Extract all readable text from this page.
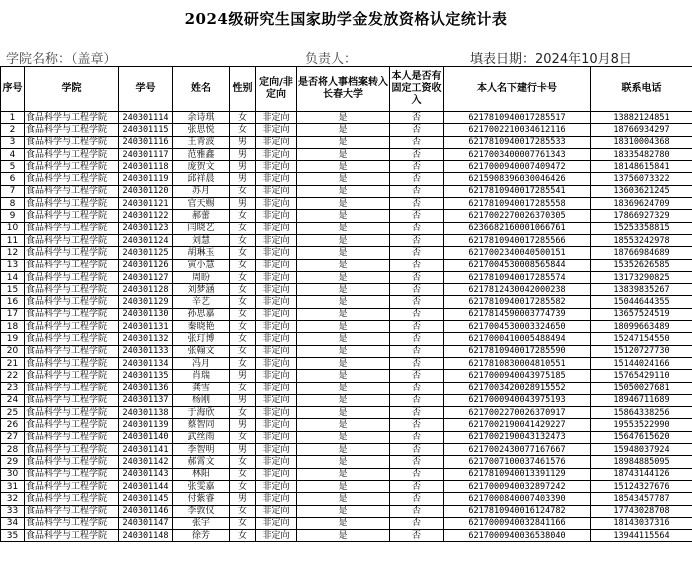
2024级研究生国家助学金发放资格认定统计表
学院名称：（盖章）	负责人：	填表日期：2024年10月8日
序号	学院	学号	姓名	性别	定向/非定向	是否将人事档案转入长春大学	本人是否有固定工资收入	本人名下建行卡号	联系电话
1	食品科学与工程学院	240301114	余诗琪	女	非定向	是	否	6217810940017285517	13882124851
2	食品科学与工程学院	240301115	张思悦	女	非定向	是	否	6217002210034612116	18766934297
3	食品科学与工程学院	240301116	王青波	男	非定向	是	否	6217810940017285533	18310004368
4	食品科学与工程学院	240301117	范雅鑫	男	非定向	是	否	6217003400007761343	18335482780
5	食品科学与工程学院	240301118	庞贺文	男	非定向	是	否	6217000940007409472	18148615841
6	食品科学与工程学院	240301119	邱祥晨	男	非定向	是	否	6215908396030046426	13756073322
7	食品科学与工程学院	240301120	苏月	女	非定向	是	否	6217810940017285541	13603621245
8	食品科学与工程学院	240301121	官天赐	男	非定向	是	否	6217810940017285558	18369624709
9	食品科学与工程学院	240301122	郝蕾	女	非定向	是	否	6217002270026370305	17866927329
10	食品科学与工程学院	240301123	闫晓艺	女	非定向	是	否	6236682160001066761	15253358815
11	食品科学与工程学院	240301124	刘慧	女	非定向	是	否	6217810940017285566	18553242978
12	食品科学与工程学院	240301125	胡琳玉	女	非定向	是	否	6217002340040500151	18766984689
13	食品科学与工程学院	240301126	寅小慧	女	非定向	是	否	6217004530008565844	15352626585
14	食品科学与工程学院	240301127	周盼	女	非定向	是	否	6217810940017285574	13173290825
15	食品科学与工程学院	240301128	刘梦涵	女	非定向	是	否	6217812430042000238	13839835267
16	食品科学与工程学院	240301129	辛艺	女	非定向	是	否	6217810940017285582	15044644355
17	食品科学与工程学院	240301130	孙思嘉	女	非定向	是	否	6217814590003774739	13657524519
18	食品科学与工程学院	240301131	秦晓艳	女	非定向	是	否	6217004530003324650	18099663489
19	食品科学与工程学院	240301132	张玎博	女	非定向	是	否	6217000410005488494	15247154550
20	食品科学与工程学院	240301133	张翰文	女	非定向	是	否	6217810940017285590	15120727730
21	食品科学与工程学院	240301134	冯月	女	非定向	是	否	6217810830004810551	15144024166
22	食品科学与工程学院	240301135	肖瑞	男	非定向	是	否	6217000940043975185	15765429110
23	食品科学与工程学院	240301136	龚雪	女	非定向	是	否	6217003420028915552	15050027681
24	食品科学与工程学院	240301137	杨刚	男	非定向	是	否	6217000940043975193	18946711689
25	食品科学与工程学院	240301138	于海欣	女	非定向	是	否	6217002270026370917	15864338256
26	食品科学与工程学院	240301139	蔡智同	男	非定向	是	否	6217002190041429227	19553522990
27	食品科学与工程学院	240301140	武丝雨	女	非定向	是	否	6217002190043132473	15647615620
28	食品科学与工程学院	240301141	李智明	男	非定向	是	否	6217002430077167667	15948037924
29	食品科学与工程学院	240301142	郝霄文	女	非定向	是	否	6217007100037461576	18984885095
30	食品科学与工程学院	240301143	林阳	女	非定向	是	否	6217810940013391129	18743144126
31	食品科学与工程学院	240301144	张雯嘉	女	非定向	是	否	6217000940032897242	15124327676
32	食品科学与工程学院	240301145	付紫睿	男	非定向	是	否	6217000840007403390	18543457787
33	食品科学与工程学院	240301146	李敦仪	女	非定向	是	否	6217810940016124782	17743028708
34	食品科学与工程学院	240301147	张宇	女	非定向	是	否	6217000940032841166	18143037316
35	食品科学与工程学院	240301148	徐芳	女	非定向	是	否	6217000940036538040	13944115564
